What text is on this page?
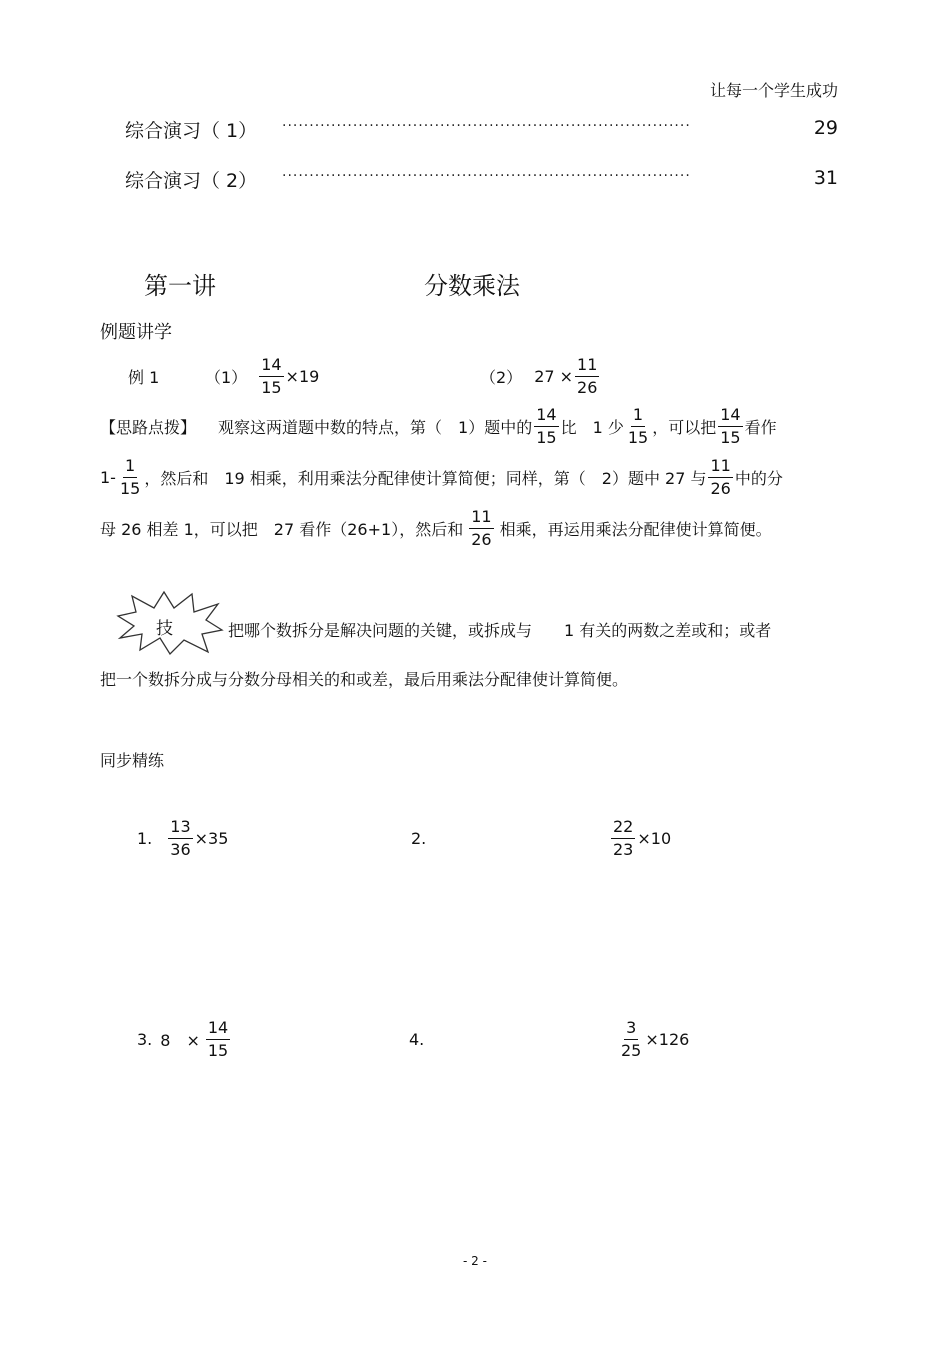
让每一个学生成功
综合演习（ 1） ···········································································	29
综合演习（ 2） ···········································································	31
第一讲	分数乘法
例题讲学
例 1	$(1) \frac{14}{15} \times 19$	（2） $27 \times \frac{11}{26}$
【思路点拨】 观察这两道题中数的特点，第（　1）题中的 $\frac{14}{15}$ 比　1 少 $\frac{1}{15}$ ，可以把 $\frac{14}{15}$ 看作
$1- \frac{1}{15}$ ，然后和　19 相乘，利用乘法分配律使计算简便；同样，第（　2）题中 27 与 $\frac{11}{26}$ 中的分
母 26 相差 1，可以把　27 看作（26+1），然后和 $\frac{11}{26}$ 相乘，再运用乘法分配律使计算简便。
技	把哪个数拆分是解决问题的关键，或拆成与　　1 有关的两数之差或和；或者
把一个数拆分成与分数分母相关的和或差，最后用乘法分配律使计算简便。
同步精练
1. $\frac{13}{36} \times 35$	2.	$\frac{22}{23} \times 10$
3. 8　× $\frac{14}{15}$	4.	$\frac{3}{25} \times 126$
- 2 -
